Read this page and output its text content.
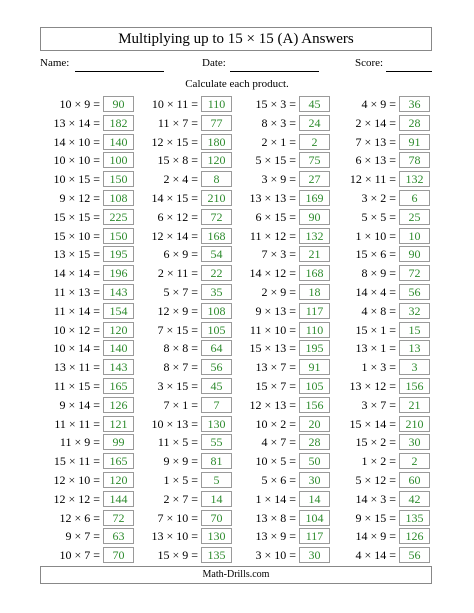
Multiplying up to 15 × 15 (A) Answers
Name:	Date:	Score:
Calculate each product.
10 × 9 =	90	10 × 11 = 110	15 × 3 =	45	4 × 9 =	36
13 × 14 = 182	11 × 7 =	77	8 × 3 =	24	2 × 14 =	28
14 × 10 = 140	12 × 15 = 180	2 × 1 =	2	7 × 13 =	91
10 × 10 = 100	15 × 8 = 120	5 × 15 =	75	6 × 13 =	78
10 × 15 = 150	2 × 4 =	8	3 × 9 =	27	12 × 11 = 132
9 × 12 = 108	14 × 15 = 210	13 × 13 = 169	3 × 2 =	6
15 × 15 = 225	6 × 12 =	72	6 × 15 =	90	5 × 5 =	25
15 × 10 = 150	12 × 14 = 168	11 × 12 = 132	1 × 10 =	10
13 × 15 = 195	6 × 9 =	54	7 × 3 =	21	15 × 6 =	90
14 × 14 = 196	2 × 11 =	22	14 × 12 = 168	8 × 9 =	72
11 × 13 = 143	5 × 7 =	35	2 × 9 =	18	14 × 4 =	56
11 × 14 = 154	12 × 9 = 108	9 × 13 = 117	4 × 8 =	32
10 × 12 = 120	7 × 15 = 105	11 × 10 = 110	15 × 1 =	15
10 × 14 = 140	8 × 8 =	64	15 × 13 = 195	13 × 1 =	13
13 × 11 = 143	8 × 7 =	56	13 × 7 =	91	1 × 3 =	3
11 × 15 = 165	3 × 15 =	45	15 × 7 = 105	13 × 12 = 156
9 × 14 = 126	7 × 1 =	7	12 × 13 = 156	3 × 7 =	21
11 × 11 = 121	10 × 13 = 130	10 × 2 =	20	15 × 14 = 210
11 × 9 =	99	11 × 5 =	55	4 × 7 =	28	15 × 2 =	30
15 × 11 = 165	9 × 9 =	81	10 × 5 =	50	1 × 2 =	2
12 × 10 = 120	1 × 5 =	5	5 × 6 =	30	5 × 12 =	60
12 × 12 = 144	2 × 7 =	14	1 × 14 =	14	14 × 3 =	42
12 × 6 =	72	7 × 10 =	70	13 × 8 = 104	9 × 15 = 135
9 × 7 =	63	13 × 10 = 130	13 × 9 = 117	14 × 9 = 126
10 × 7 =	70	15 × 9 = 135	3 × 10 =	30	4 × 14 =	56
Math-Drills.com
